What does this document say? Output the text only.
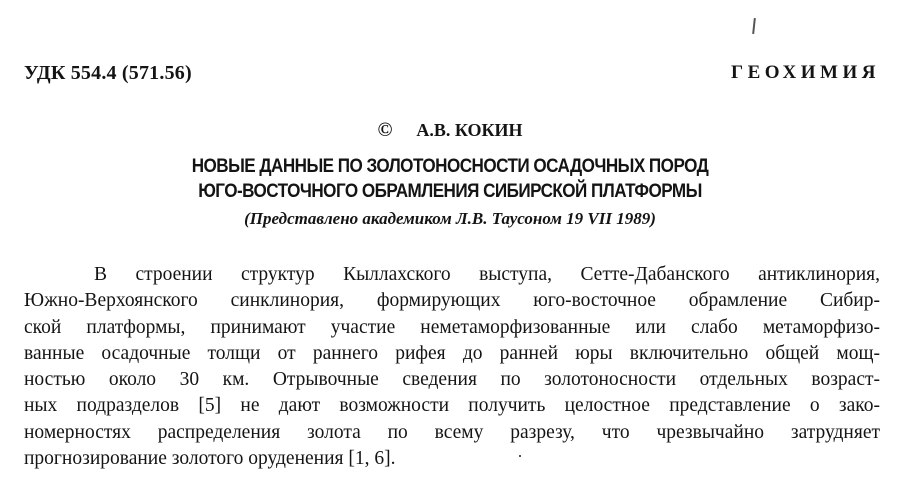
УДК 554.4 (571.56)	ГЕОХИМИЯ
© А.В. КОКИН
НОВЫЕ ДАННЫЕ ПО ЗОЛОТОНОСНОСТИ ОСАДОЧНЫХ ПОРОД
ЮГО-ВОСТОЧНОГО ОБРАМЛЕНИЯ СИБИРСКОЙ ПЛАТФОРМЫ
(Представлено академиком Л.В. Таусоном 19 VII 1989)
В строении структур Кыллахского выступа, Сетте-Дабанского антиклинория,
Южно-Верхоянского синклинория, формирующих юго-восточное обрамление Сибир-
ской платформы, принимают участие неметаморфизованные или слабо метаморфизо-
ванные осадочные толщи от раннего рифея до ранней юры включительно общей мощ-
ностью около 30 км. Отрывочные сведения по золотоносности отдельных возраст-
ных подразделов [5] не дают возможности получить целостное представление о зако-
номерностях распределения золота по всему разрезу, что чрезвычайно затрудняет
прогнозирование золотого оруденения [1, 6].
